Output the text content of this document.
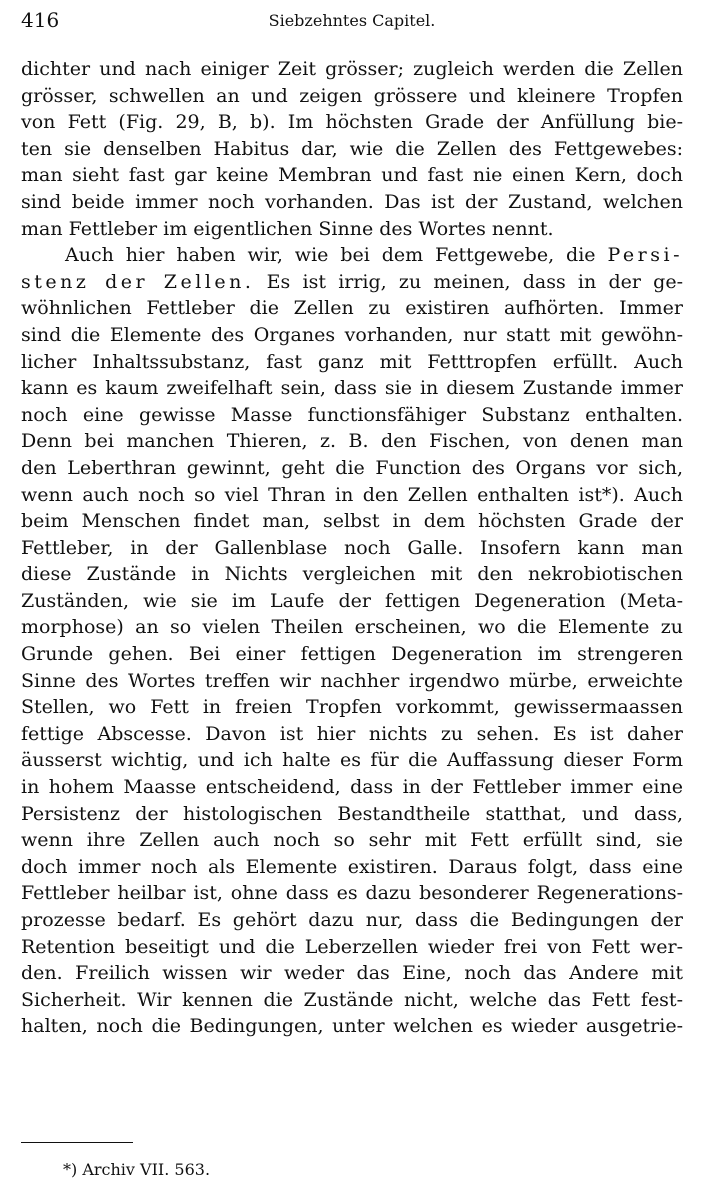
416	Siebzehntes Capitel.
dichter und nach einiger Zeit grösser; zugleich werden die Zellen
grösser, schwellen an und zeigen grössere und kleinere Tropfen
von Fett (Fig. 29, B, b). Im höchsten Grade der Anfüllung bie-
ten sie denselben Habitus dar, wie die Zellen des Fettgewebes:
man sieht fast gar keine Membran und fast nie einen Kern, doch
sind beide immer noch vorhanden. Das ist der Zustand, welchen
man Fettleber im eigentlichen Sinne des Wortes nennt.
Auch hier haben wir, wie bei dem Fettgewebe, die Persi-
stenz der Zellen. Es ist irrig, zu meinen, dass in der ge-
wöhnlichen Fettleber die Zellen zu existiren aufhörten. Immer
sind die Elemente des Organes vorhanden, nur statt mit gewöhn-
licher Inhaltssubstanz, fast ganz mit Fetttropfen erfüllt. Auch
kann es kaum zweifelhaft sein, dass sie in diesem Zustande immer
noch eine gewisse Masse functionsfähiger Substanz enthalten.
Denn bei manchen Thieren, z. B. den Fischen, von denen man
den Leberthran gewinnt, geht die Function des Organs vor sich,
wenn auch noch so viel Thran in den Zellen enthalten ist*). Auch
beim Menschen findet man, selbst in dem höchsten Grade der
Fettleber, in der Gallenblase noch Galle. Insofern kann man
diese Zustände in Nichts vergleichen mit den nekrobiotischen
Zuständen, wie sie im Laufe der fettigen Degeneration (Meta-
morphose) an so vielen Theilen erscheinen, wo die Elemente zu
Grunde gehen. Bei einer fettigen Degeneration im strengeren
Sinne des Wortes treffen wir nachher irgendwo mürbe, erweichte
Stellen, wo Fett in freien Tropfen vorkommt, gewissermaassen
fettige Abscesse. Davon ist hier nichts zu sehen. Es ist daher
äusserst wichtig, und ich halte es für die Auffassung dieser Form
in hohem Maasse entscheidend, dass in der Fettleber immer eine
Persistenz der histologischen Bestandtheile statthat, und dass,
wenn ihre Zellen auch noch so sehr mit Fett erfüllt sind, sie
doch immer noch als Elemente existiren. Daraus folgt, dass eine
Fettleber heilbar ist, ohne dass es dazu besonderer Regenerations-
prozesse bedarf. Es gehört dazu nur, dass die Bedingungen der
Retention beseitigt und die Leberzellen wieder frei von Fett wer-
den. Freilich wissen wir weder das Eine, noch das Andere mit
Sicherheit. Wir kennen die Zustände nicht, welche das Fett fest-
halten, noch die Bedingungen, unter welchen es wieder ausgetrie-
*) Archiv VII. 563.
